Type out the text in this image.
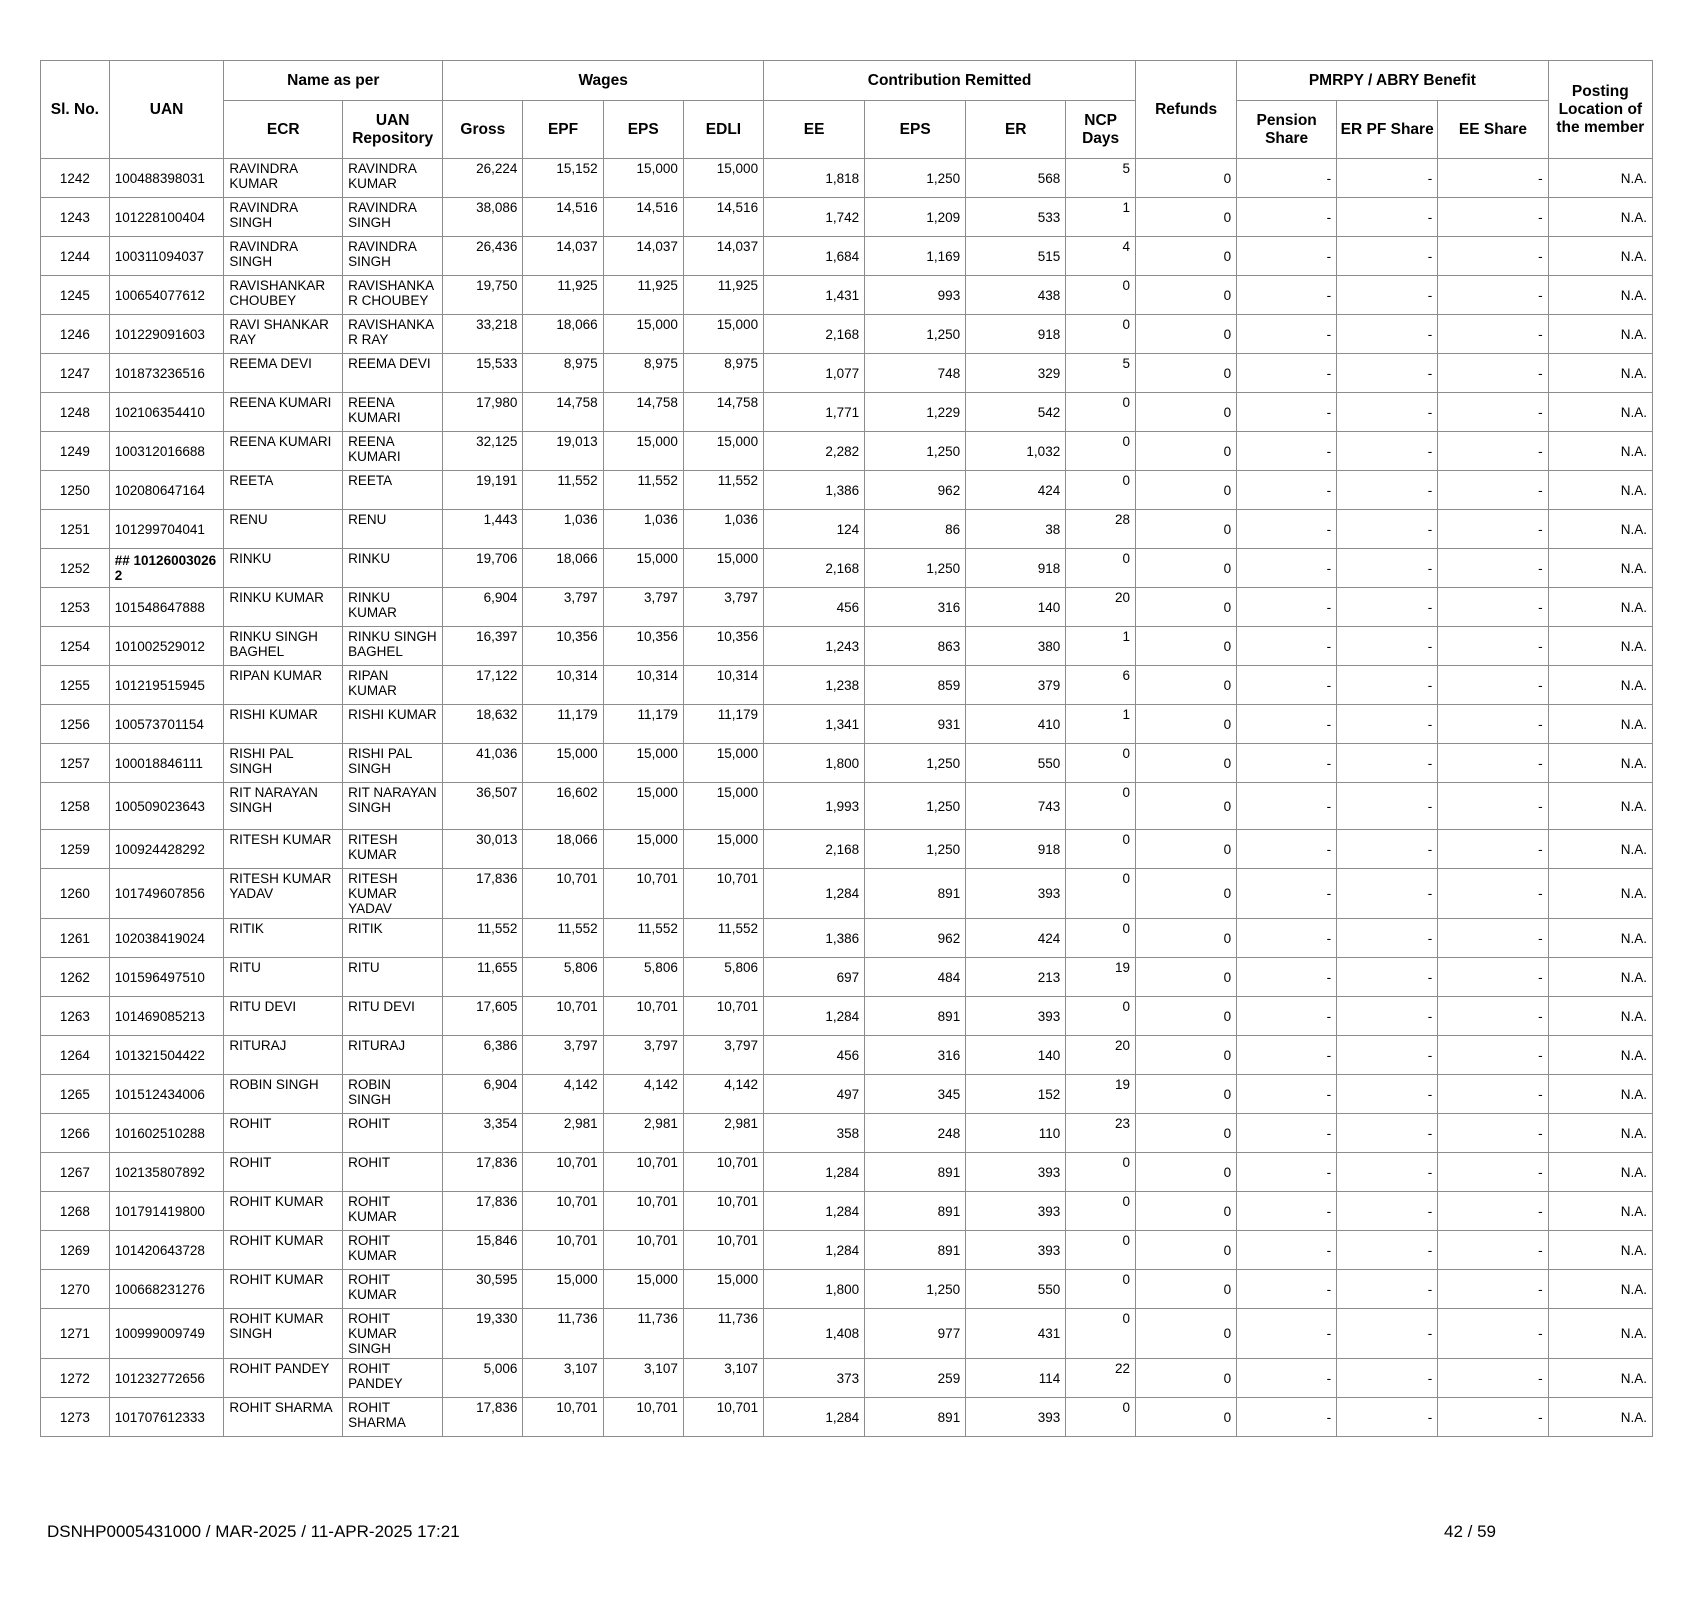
Sl. No.	UAN	Name as per		Wages				Contribution Remitted				Refunds	PMRPY / ABRY Benefit			Posting Location of the member
		ECR	UAN Repository	Gross	EPF	EPS	EDLI	EE	EPS	ER	NCP Days		Pension Share	ER PF Share	EE Share	
1242	100488398031	RAVINDRA KUMAR	RAVINDRA KUMAR	26,224	15,152	15,000	15,000	1,818	1,250	568	5	0	-	-	-	N.A.
1243	101228100404	RAVINDRA SINGH	RAVINDRA SINGH	38,086	14,516	14,516	14,516	1,742	1,209	533	1	0	-	-	-	N.A.
1244	100311094037	RAVINDRA SINGH	RAVINDRA SINGH	26,436	14,037	14,037	14,037	1,684	1,169	515	4	0	-	-	-	N.A.
1245	100654077612	RAVISHANKAR CHOUBEY	RAVISHANKA R CHOUBEY	19,750	11,925	11,925	11,925	1,431	993	438	0	0	-	-	-	N.A.
1246	101229091603	RAVI SHANKAR RAY	RAVISHANKA R RAY	33,218	18,066	15,000	15,000	2,168	1,250	918	0	0	-	-	-	N.A.
1247	101873236516	REEMA DEVI	REEMA DEVI	15,533	8,975	8,975	8,975	1,077	748	329	5	0	-	-	-	N.A.
1248	102106354410	REENA KUMARI	REENA KUMARI	17,980	14,758	14,758	14,758	1,771	1,229	542	0	0	-	-	-	N.A.
1249	100312016688	REENA KUMARI	REENA KUMARI	32,125	19,013	15,000	15,000	2,282	1,250	1,032	0	0	-	-	-	N.A.
1250	102080647164	REETA	REETA	19,191	11,552	11,552	11,552	1,386	962	424	0	0	-	-	-	N.A.
1251	101299704041	RENU	RENU	1,443	1,036	1,036	1,036	124	86	38	28	0	-	-	-	N.A.
1252	## 10126003026 2	RINKU	RINKU	19,706	18,066	15,000	15,000	2,168	1,250	918	0	0	-	-	-	N.A.
1253	101548647888	RINKU KUMAR	RINKU KUMAR	6,904	3,797	3,797	3,797	456	316	140	20	0	-	-	-	N.A.
1254	101002529012	RINKU SINGH BAGHEL	RINKU SINGH BAGHEL	16,397	10,356	10,356	10,356	1,243	863	380	1	0	-	-	-	N.A.
1255	101219515945	RIPAN KUMAR	RIPAN KUMAR	17,122	10,314	10,314	10,314	1,238	859	379	6	0	-	-	-	N.A.
1256	100573701154	RISHI KUMAR	RISHI KUMAR	18,632	11,179	11,179	11,179	1,341	931	410	1	0	-	-	-	N.A.
1257	100018846111	RISHI PAL SINGH	RISHI PAL SINGH	41,036	15,000	15,000	15,000	1,800	1,250	550	0	0	-	-	-	N.A.
1258	100509023643	RIT NARAYAN SINGH	RIT NARAYAN SINGH	36,507	16,602	15,000	15,000	1,993	1,250	743	0	0	-	-	-	N.A.
1259	100924428292	RITESH KUMAR	RITESH KUMAR	30,013	18,066	15,000	15,000	2,168	1,250	918	0	0	-	-	-	N.A.
1260	101749607856	RITESH KUMAR YADAV	RITESH KUMAR YADAV	17,836	10,701	10,701	10,701	1,284	891	393	0	0	-	-	-	N.A.
1261	102038419024	RITIK	RITIK	11,552	11,552	11,552	11,552	1,386	962	424	0	0	-	-	-	N.A.
1262	101596497510	RITU	RITU	11,655	5,806	5,806	5,806	697	484	213	19	0	-	-	-	N.A.
1263	101469085213	RITU DEVI	RITU DEVI	17,605	10,701	10,701	10,701	1,284	891	393	0	0	-	-	-	N.A.
1264	101321504422	RITURAJ	RITURAJ	6,386	3,797	3,797	3,797	456	316	140	20	0	-	-	-	N.A.
1265	101512434006	ROBIN SINGH	ROBIN SINGH	6,904	4,142	4,142	4,142	497	345	152	19	0	-	-	-	N.A.
1266	101602510288	ROHIT	ROHIT	3,354	2,981	2,981	2,981	358	248	110	23	0	-	-	-	N.A.
1267	102135807892	ROHIT	ROHIT	17,836	10,701	10,701	10,701	1,284	891	393	0	0	-	-	-	N.A.
1268	101791419800	ROHIT KUMAR	ROHIT KUMAR	17,836	10,701	10,701	10,701	1,284	891	393	0	0	-	-	-	N.A.
1269	101420643728	ROHIT KUMAR	ROHIT KUMAR	15,846	10,701	10,701	10,701	1,284	891	393	0	0	-	-	-	N.A.
1270	100668231276	ROHIT KUMAR	ROHIT KUMAR	30,595	15,000	15,000	15,000	1,800	1,250	550	0	0	-	-	-	N.A.
1271	100999009749	ROHIT KUMAR SINGH	ROHIT KUMAR SINGH	19,330	11,736	11,736	11,736	1,408	977	431	0	0	-	-	-	N.A.
1272	101232772656	ROHIT PANDEY	ROHIT PANDEY	5,006	3,107	3,107	3,107	373	259	114	22	0	-	-	-	N.A.
1273	101707612333	ROHIT SHARMA	ROHIT SHARMA	17,836	10,701	10,701	10,701	1,284	891	393	0	0	-	-	-	N.A.
DSNHP0005431000 / MAR-2025 / 11-APR-2025 17:21	42 / 59
